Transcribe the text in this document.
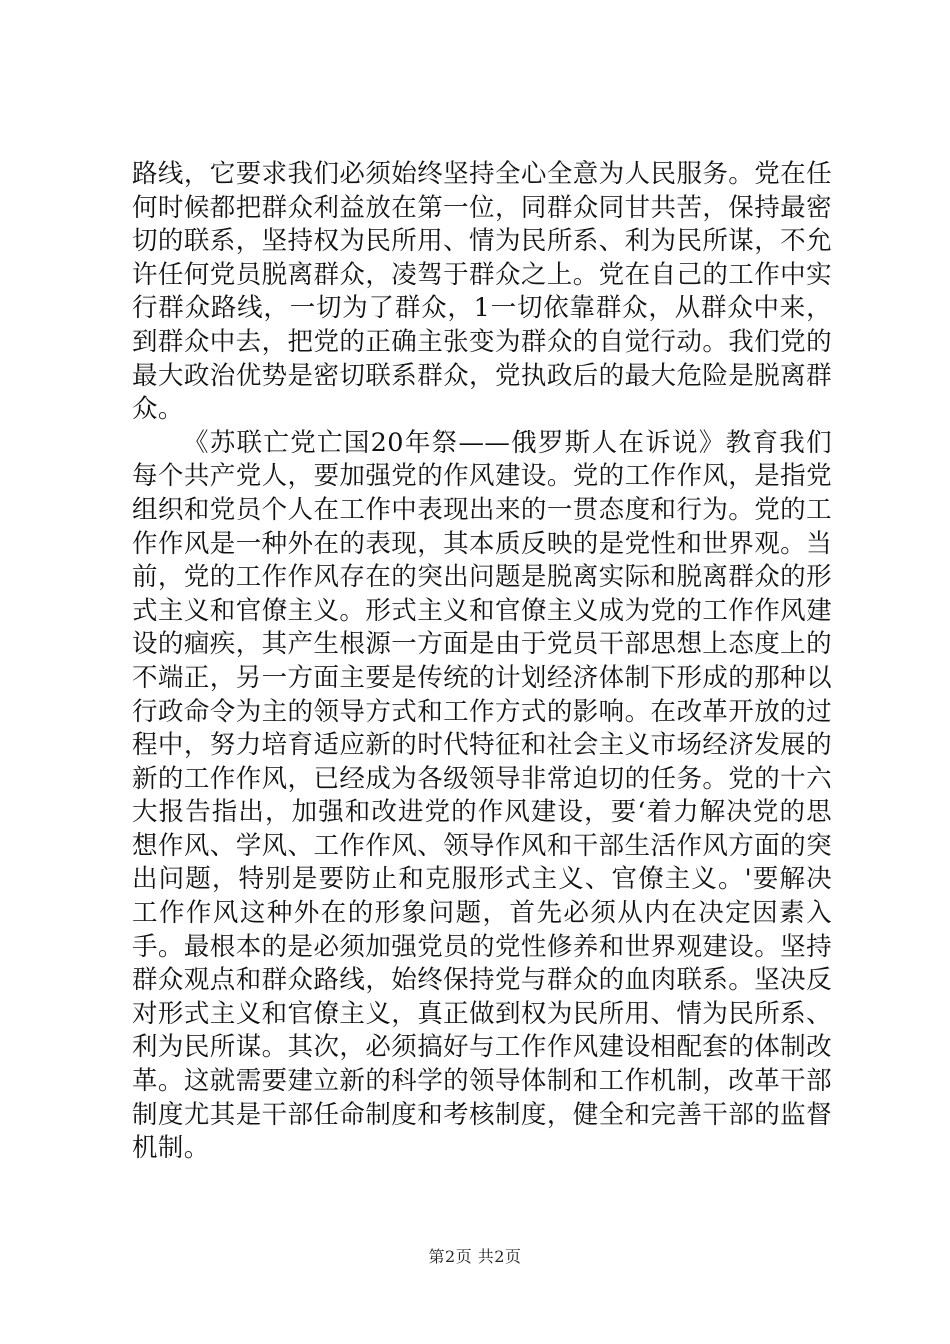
路线，它要求我们必须始终坚持全心全意为人民服务。党在任何时候都把群众利益放在第一位，同群众同甘共苦，保持最密切的联系，坚持权为民所用、情为民所系、利为民所谋，不允许任何党员脱离群众，凌驾于群众之上。党在自己的工作中实行群众路线，一切为了群众，1一切依靠群众，从群众中来，到群众中去，把党的正确主张变为群众的自觉行动。我们党的最大政治优势是密切联系群众，党执政后的最大危险是脱离群众。

《苏联亡党亡国20年祭——俄罗斯人在诉说》教育我们每个共产党人，要加强党的作风建设。党的工作作风，是指党组织和党员个人在工作中表现出来的一贯态度和行为。党的工作作风是一种外在的表现，其本质反映的是党性和世界观。当前，党的工作作风存在的突出问题是脱离实际和脱离群众的形式主义和官僚主义。形式主义和官僚主义成为党的工作作风建设的痼疾，其产生根源一方面是由于党员干部思想上态度上的不端正，另一方面主要是传统的计划经济体制下形成的那种以行政命令为主的领导方式和工作方式的影响。在改革开放的过程中，努力培育适应新的时代特征和社会主义市场经济发展的新的工作作风，已经成为各级领导非常迫切的任务。党的十六大报告指出，加强和改进党的作风建设，要‘着力解决党的思想作风、学风、工作作风、领导作风和干部生活作风方面的突出问题，特别是要防止和克服形式主义、官僚主义。'要解决工作作风这种外在的形象问题，首先必须从内在决定因素入手。最根本的是必须加强党员的党性修养和世界观建设。坚持群众观点和群众路线，始终保持党与群众的血肉联系。坚决反对形式主义和官僚主义，真正做到权为民所用、情为民所系、利为民所谋。其次，必须搞好与工作作风建设相配套的体制改革。这就需要建立新的科学的领导体制和工作机制，改革干部制度尤其是干部任命制度和考核制度，健全和完善干部的监督机制。

第2页 共2页
